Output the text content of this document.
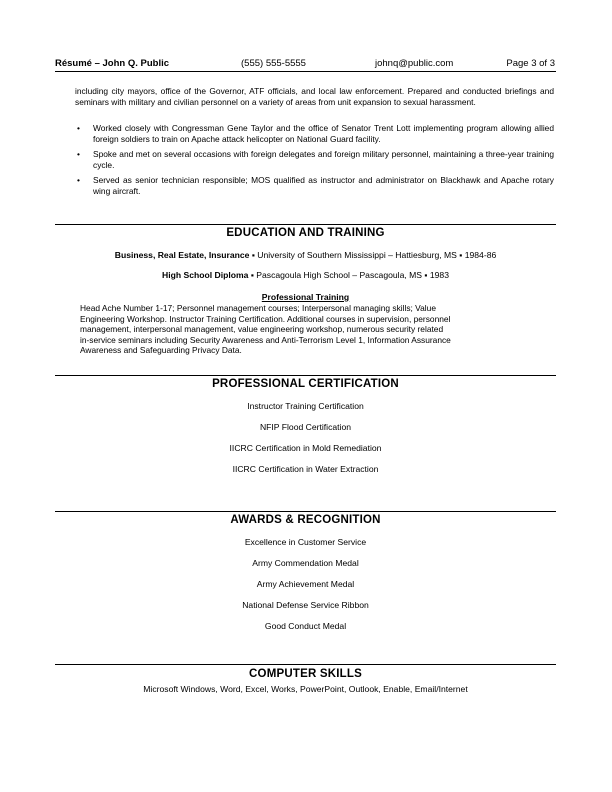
Résumé – John Q. Public	(555) 555-5555	johnq@public.com	Page 3 of 3
including city mayors, office of the Governor, ATF officials, and local law enforcement. Prepared and conducted briefings and seminars with military and civilian personnel on a variety of areas from unit expansion to sexual harassment.
• Worked closely with Congressman Gene Taylor and the office of Senator Trent Lott implementing program allowing allied foreign soldiers to train on Apache attack helicopter on National Guard facility.
• Spoke and met on several occasions with foreign delegates and foreign military personnel, maintaining a three-year training cycle.
• Served as senior technician responsible; MOS qualified as instructor and administrator on Blackhawk and Apache rotary wing aircraft.
EDUCATION AND TRAINING
Business, Real Estate, Insurance ▪ University of Southern Mississippi – Hattiesburg, MS ▪ 1984-86
High School Diploma ▪ Pascagoula High School – Pascagoula, MS ▪ 1983
Professional Training
Head Ache Number 1-17; Personnel management courses; Interpersonal managing skills; Value
Engineering Workshop. Instructor Training Certification. Additional courses in supervision, personnel
management, interpersonal management, value engineering workshop, numerous security related
in-service seminars including Security Awareness and Anti-Terrorism Level 1, Information Assurance
Awareness and Safeguarding Privacy Data.
PROFESSIONAL CERTIFICATION
Instructor Training Certification
NFIP Flood Certification
IICRC Certification in Mold Remediation
IICRC Certification in Water Extraction
AWARDS & RECOGNITION
Excellence in Customer Service
Army Commendation Medal
Army Achievement Medal
National Defense Service Ribbon
Good Conduct Medal
COMPUTER SKILLS
Microsoft Windows, Word, Excel, Works, PowerPoint, Outlook, Enable, Email/Internet
